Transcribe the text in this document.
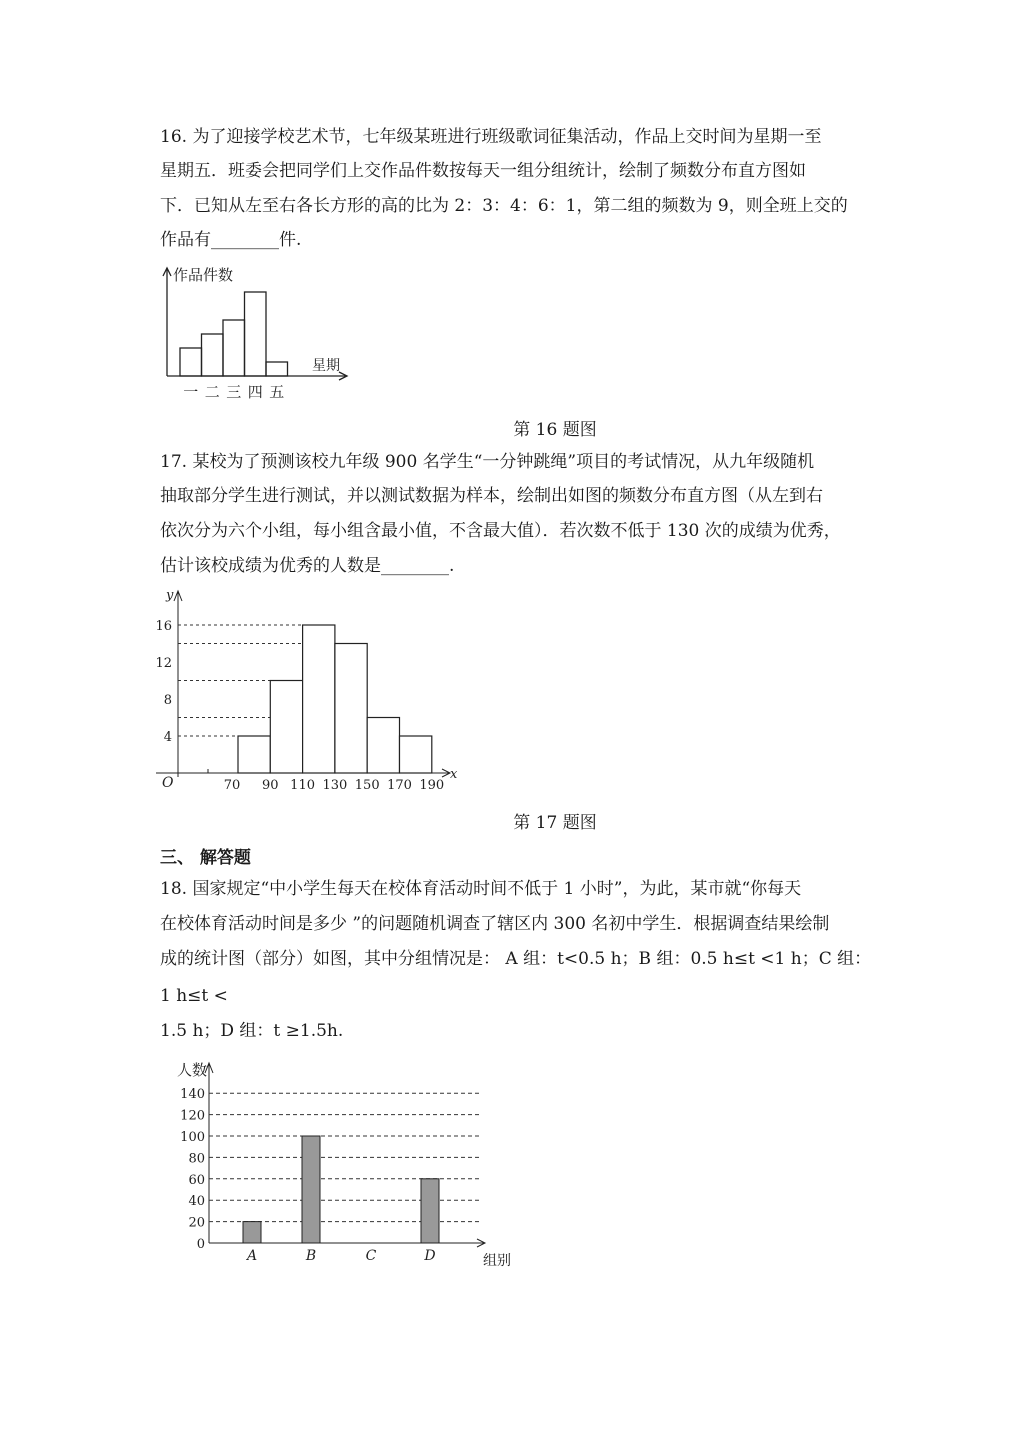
16. 为了迎接学校艺术节，七年级某班进行班级歌词征集活动，作品上交时间为星期一至
星期五．班委会把同学们上交作品件数按每天一组分组统计，绘制了频数分布直方图如
下．已知从左至右各长方形的高的比为 2：3：4：6：1，第二组的频数为 9，则全班上交的
作品有________件.
作品件数
星期
一 二 三 四 五
第 16 题图
17. 某校为了预测该校九年级 900 名学生“一分钟跳绳”项目的考试情况，从九年级随机
抽取部分学生进行测试，并以测试数据为样本，绘制出如图的频数分布直方图（从左到右
依次分为六个小组，每小组含最小值，不含最大值）．若次数不低于 130 次的成绩为优秀，
估计该校成绩为优秀的人数是________.
y
x
O
4
8
12
16
70 90 110 130 150 170 190
第 17 题图
三、 解答题
18. 国家规定“中小学生每天在校体育活动时间不低于 1 小时”，为此，某市就“你每天
在校体育活动时间是多少 ”的问题随机调查了辖区内 300 名初中学生．根据调查结果绘制
成的统计图（部分）如图，其中分组情况是： A 组：t<0.5 h；B 组：0.5 h≤t <1 h；C 组：
1 h≤t <
1.5 h；D 组：t ≥1.5h.
人数
组别
0
20
40
60
80
100
120
140
A	B	C	D
